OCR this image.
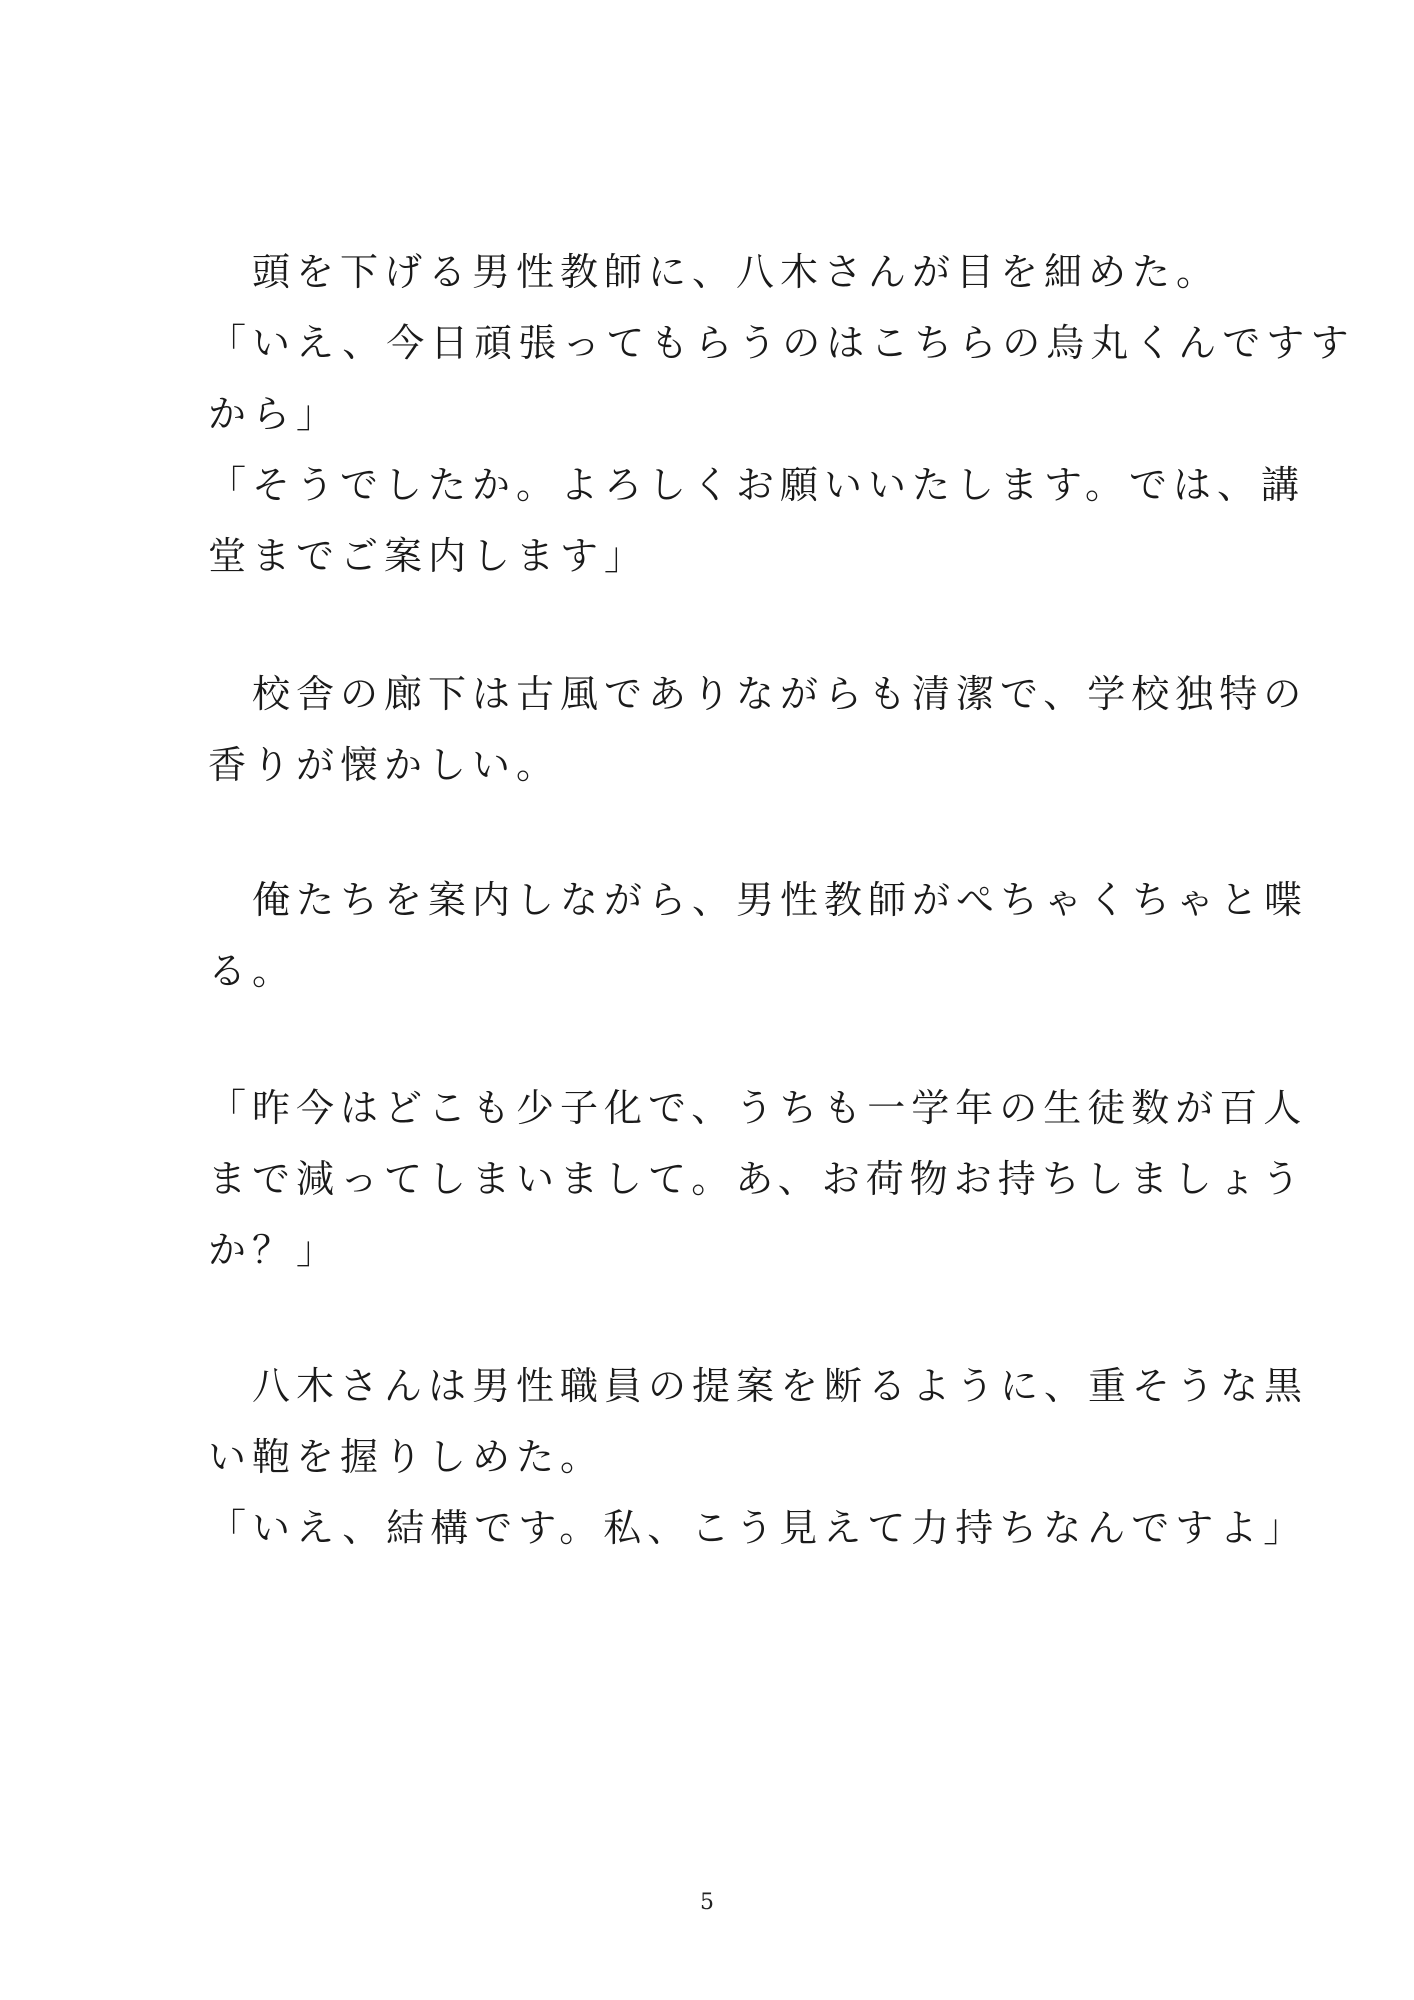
　頭を下げる男性教師に、八木さんが目を細めた。
「いえ、今日頑張ってもらうのはこちらの烏丸くんですす
から」
「そうでしたか。よろしくお願いいたします。では、講
堂までご案内します」
　校舎の廊下は古風でありながらも清潔で、学校独特の
香りが懐かしい。
　俺たちを案内しながら、男性教師がぺちゃくちゃと喋
る。
「昨今はどこも少子化で、うちも一学年の生徒数が百人
まで減ってしまいまして。あ、お荷物お持ちしましょう
か？」
　八木さんは男性職員の提案を断るように、重そうな黒
い鞄を握りしめた。
「いえ、結構です。私、こう見えて力持ちなんですよ」
5
